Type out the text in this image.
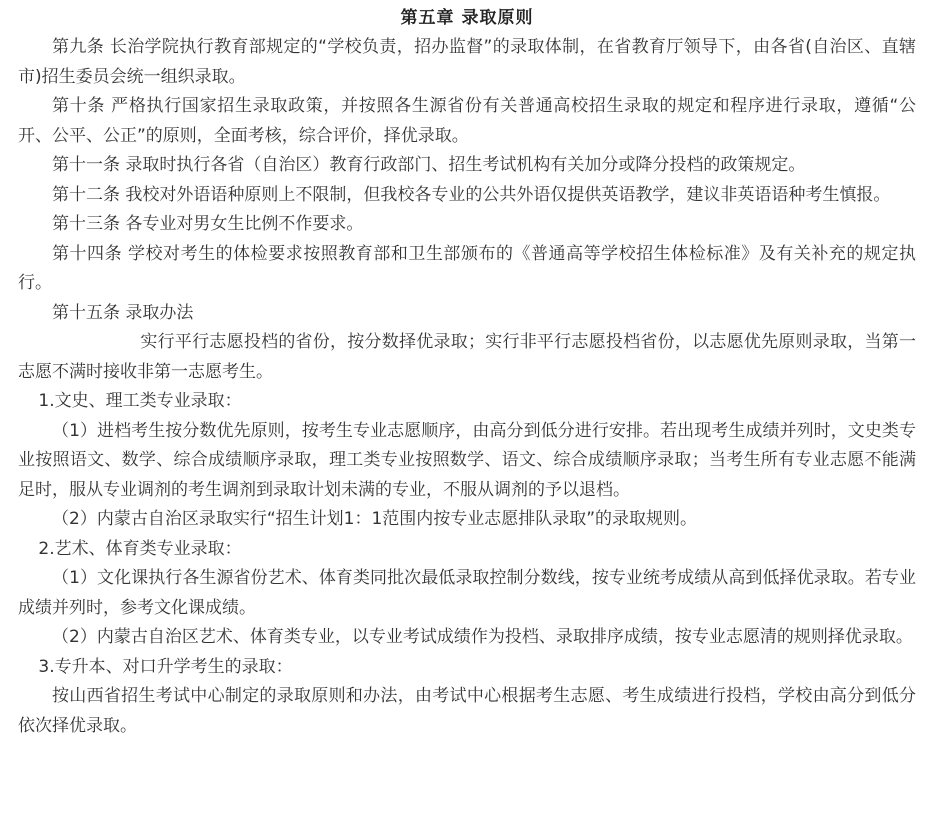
第五章 录取原则

第九条 长治学院执行教育部规定的“学校负责，招办监督”的录取体制，在省教育厅领导下，由各省(自治区、直辖市)招生委员会统一组织录取。

第十条 严格执行国家招生录取政策，并按照各生源省份有关普通高校招生录取的规定和程序进行录取，遵循“公开、公平、公正”的原则，全面考核，综合评价，择优录取。

第十一条 录取时执行各省（自治区）教育行政部门、招生考试机构有关加分或降分投档的政策规定。

第十二条 我校对外语语种原则上不限制，但我校各专业的公共外语仅提供英语教学，建议非英语语种考生慎报。

第十三条 各专业对男女生比例不作要求。

第十四条 学校对考生的体检要求按照教育部和卫生部颁布的《普通高等学校招生体检标准》及有关补充的规定执行。

第十五条 录取办法

实行平行志愿投档的省份，按分数择优录取；实行非平行志愿投档省份，以志愿优先原则录取，当第一志愿不满时接收非第一志愿考生。

1.文史、理工类专业录取：

（1）进档考生按分数优先原则，按考生专业志愿顺序，由高分到低分进行安排。若出现考生成绩并列时，文史类专业按照语文、数学、综合成绩顺序录取，理工类专业按照数学、语文、综合成绩顺序录取；当考生所有专业志愿不能满足时，服从专业调剂的考生调剂到录取计划未满的专业，不服从调剂的予以退档。

（2）内蒙古自治区录取实行“招生计划1：1范围内按专业志愿排队录取”的录取规则。

2.艺术、体育类专业录取：

（1）文化课执行各生源省份艺术、体育类同批次最低录取控制分数线，按专业统考成绩从高到低择优录取。若专业成绩并列时，参考文化课成绩。

（2）内蒙古自治区艺术、体育类专业，以专业考试成绩作为投档、录取排序成绩，按专业志愿清的规则择优录取。

3.专升本、对口升学考生的录取：

按山西省招生考试中心制定的录取原则和办法，由考试中心根据考生志愿、考生成绩进行投档，学校由高分到低分依次择优录取。
